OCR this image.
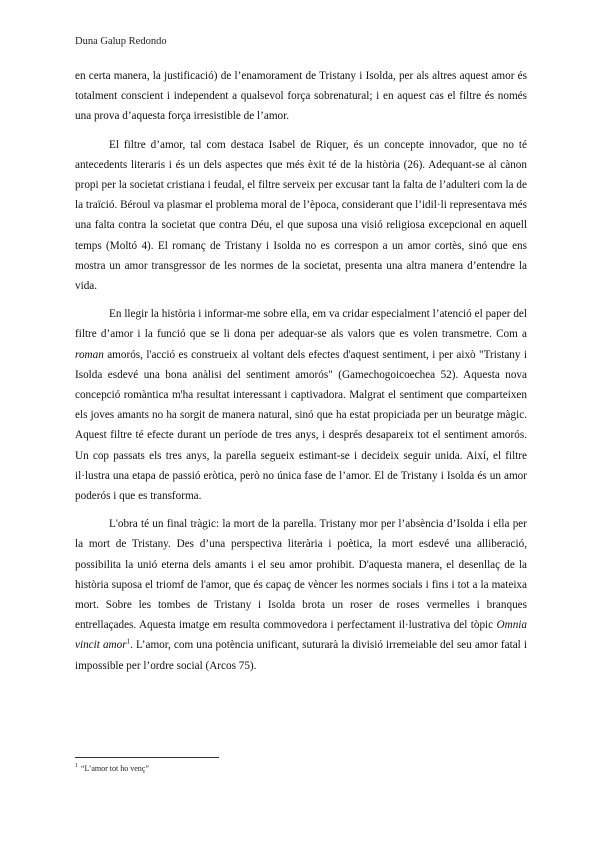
Duna Galup Redondo

en certa manera, la justificació) de l’enamorament de Tristany i Isolda, per als altres aquest amor és totalment conscient i independent a qualsevol força sobrenatural; i en aquest cas el filtre és només una prova d’aquesta força irresistible de l’amor.

El filtre d’amor, tal com destaca Isabel de Riquer, és un concepte innovador, que no té antecedents literaris i és un dels aspectes que més èxit té de la història (26). Adequant-se al cànon propi per la societat cristiana i feudal, el filtre serveix per excusar tant la falta de l’adulteri com la de la traïció. Béroul va plasmar el problema moral de l’època, considerant que l’idil·li representava més una falta contra la societat que contra Déu, el que suposa una visió religiosa excepcional en aquell temps (Moltó 4). El romanç de Tristany i Isolda no es correspon a un amor cortès, sinó que ens mostra un amor transgressor de les normes de la societat, presenta una altra manera d’entendre la vida.

En llegir la història i informar-me sobre ella, em va cridar especialment l’atenció el paper del filtre d’amor i la funció que se li dona per adequar-se als valors que es volen transmetre. Com a roman amorós, l'acció es construeix al voltant dels efectes d'aquest sentiment, i per això "Tristany i Isolda esdevé una bona anàlisi del sentiment amorós" (Gamechogoicoechea 52). Aquesta nova concepció romàntica m'ha resultat interessant i captivadora. Malgrat el sentiment que comparteixen els joves amants no ha sorgit de manera natural, sinó que ha estat propiciada per un beuratge màgic. Aquest filtre té efecte durant un període de tres anys, i després desapareix tot el sentiment amorós. Un cop passats els tres anys, la parella segueix estimant-se i decideix seguir unida. Així, el filtre il·lustra una etapa de passió eròtica, però no única fase de l’amor. El de Tristany i Isolda és un amor poderós i que es transforma.

L'obra té un final tràgic: la mort de la parella. Tristany mor per l’absència d’Isolda i ella per la mort de Tristany. Des d’una perspectiva literària i poètica, la mort esdevé una alliberació, possibilita la unió eterna dels amants i el seu amor prohibit. D'aquesta manera, el desenllaç de la història suposa el triomf de l'amor, que és capaç de vèncer les normes socials i fins i tot a la mateixa mort. Sobre les tombes de Tristany i Isolda brota un roser de roses vermelles i branques entrellaçades. Aquesta imatge em resulta commovedora i perfectament il·lustrativa del tòpic Omnia vincit amor$^1$. L’amor, com una potència unificant, suturarà la divisió irremeiable del seu amor fatal i impossible per l’ordre social (Arcos 75).

$^1$ “L’amor tot ho venç”
